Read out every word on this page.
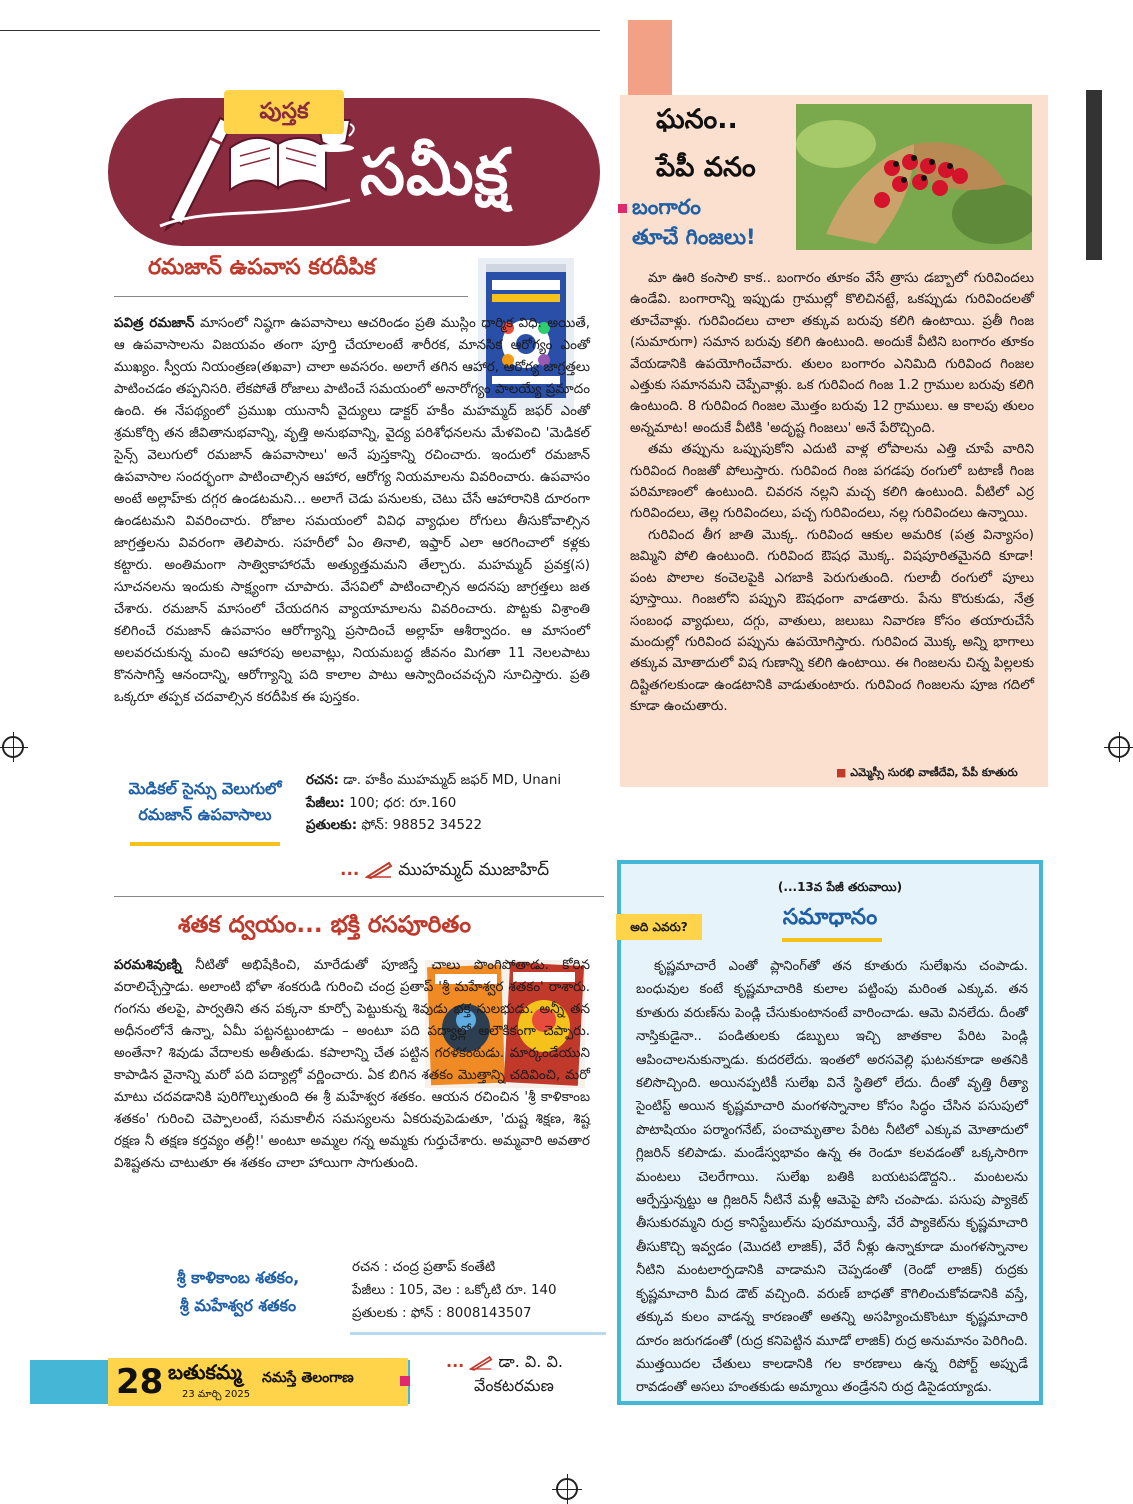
పుస్తక
సమీక్ష
రమజాన్ ఉపవాస కరదీపిక

పవిత్ర రమజాన్ మాసంలో నిష్ఠగా ఉపవాసాలు ఆచరిండం ప్రతి ముస్లిం ధార్మిక విధి. అయితే, ఆ ఉపవాసాలను విజయవం తంగా పూర్తి చేయాలంటే శారీరక, మానసిక ఆరోగ్యం ఎంతో ముఖ్యం. స్వీయ నియంత్రణ(తఖవా) చాలా అవసరం. అలాగే తగిన ఆహార, ఆరోగ్య జాగ్రత్తలు పాటించడం తప్పనిసరి. లేకపోతే రోజాలు పాటించే సమయంలో అనారోగ్యం పాలయ్యే ప్రమాదం ఉంది. ఈ నేపథ్యంలో ప్రముఖ యునానీ వైద్యులు డాక్టర్ హకీం మహమ్మద్ జఫర్ ఎంతో శ్రమకోర్చి తన జీవితానుభవాన్ని, వృత్తి అనుభవాన్ని, వైద్య పరిశోధనలను మేళవించి 'మెడికల్ సైన్స్ వెలుగులో రమజాన్ ఉపవాసాలు' అనే పుస్తకాన్ని రచించారు. ఇందులో రమజాన్ ఉపవాసాల సందర్భంగా పాటించాల్సిన ఆహార, ఆరోగ్య నియమాలను వివరించారు. ఉపవాసం అంటే అల్లాహ్‌కు దగ్గర ఉండటమని... అలాగే చెడు పనులకు, చెటు చేసే ఆహారానికి దూరంగా ఉండటమని వివరించారు. రోజాల సమయంలో వివిధ వ్యాధుల రోగులు తీసుకోవాల్సిన జాగ్రత్తలను వివరంగా తెలిపారు. సహరీలో ఏం తినాలి, ఇఫ్తార్ ఎలా ఆరగించాలో కళ్లకు కట్టారు. అంతిమంగా సాత్వికాహారమే అత్యుత్తమమని తేల్చారు. మహమ్మద్ ప్రవక్త(స) సూచనలను ఇందుకు సాక్ష్యంగా చూపారు. వేసవిలో పాటించాల్సిన అదనపు జాగ్రత్తలు జత చేశారు. రమజాన్ మాసంలో చేయదగిన వ్యాయామాలను వివరించారు. పొట్టకు విశ్రాంతి కలిగించే రమజాన్ ఉపవాసం ఆరోగ్యాన్ని ప్రసాదించే అల్లాహ్ ఆశీర్వాదం. ఆ మాసంలో అలవరచుకున్న మంచి ఆహారపు అలవాట్లు, నియమబద్ధ జీవనం మిగతా 11 నెలలపాటు కొనసాగిస్తే ఆనందాన్ని, ఆరోగ్యాన్ని పది కాలాల పాటు ఆస్వాదించవచ్చని సూచిస్తారు. ప్రతి ఒక్కరూ తప్పక చదవాల్సిన కరదీపిక ఈ పుస్తకం.

మెడికల్ సైన్సు వెలుగులో
రమజాన్ ఉపవాసాలు
రచన: డా. హకీం ముహమ్మద్ జఫర్ MD, Unani
పేజీలు: 100; ధర: రూ.160
ప్రతులకు: ఫోన్: 98852 34522
... ముహమ్మద్ ముజాహిద్
శతక ద్వయం... భక్తి రసపూరితం

పరమశివుణ్ని నీటితో అభిషేకించి, మారేడుతో పూజిస్తే చాలు పొంగిపోతాడు. కోరిన వరాలిచ్చేస్తాడు. అలాంటి భోళా శంకరుడి గురించి చంద్ర ప్రతాప్ 'శ్రీ మహేశ్వర శతకం' రాశారు. గంగను తలపై, పార్వతిని తన పక్కనా కూర్చో పెట్టుకున్న శివుడు భక్త సులభుడు. అన్నీ తన అధీనంలోనే ఉన్నా, ఏమీ పట్టనట్టుంటాడు – అంటూ పది పద్యాల్లో అలౌకికంగా చెప్పారు. అంతేనా? శివుడు వేదాలకు అతీతుడు. కపాలాన్ని చేత పట్టిన గరళకంఠుడు. మార్కండేయుని కాపాడిన వైనాన్ని మరో పది పద్యాల్లో వర్ణించారు. ఏక బిగిన శతకం మొత్తాన్ని చదివించి, మరో మాటు చదవడానికి పురిగొల్పుతుంది ఈ శ్రీ మహేశ్వర శతకం. ఆయన రచించిన 'శ్రీ కాళికాంబ శతకం' గురించి చెప్పాలంటే, సమకాలీన సమస్యలను ఏకరువుపెడుతూ, 'దుష్ట శిక్షణ, శిష్ట రక్షణ నీ తక్షణ కర్తవ్యం తల్లీ!' అంటూ అమ్మల గన్న అమ్మకు గుర్తుచేశారు. అమ్మవారి అవతార విశిష్టతను చాటుతూ ఈ శతకం చాలా హాయిగా సాగుతుంది.

శ్రీ కాళికాంబ శతకం,
శ్రీ మహేశ్వర శతకం
రచన : చంద్ర ప్రతాప్ కంతేటి
పేజీలు : 105, వెల : ఒక్కోటి రూ. 140
ప్రతులకు : ఫోన్ : 8008143507
... డా. వి. వి.
వేంకటరమణ
28 బతుకమ్మ
23 మార్చి 2025
నమస్తే తెలంగాణ
ఘనం..
పేపీ వనం
బంగారం
తూచే గింజలు!

మా ఊరి కంసాలి కాక.. బంగారం తూకం వేసే త్రాసు డబ్బాలో గురివిందలు ఉండేవి. బంగారాన్ని ఇప్పుడు గ్రాముల్లో కొలిచినట్టే, ఒకప్పుడు గురివిందలతో తూచేవాళ్లు. గురివిందలు చాలా తక్కువ బరువు కలిగి ఉంటాయి. ప్రతీ గింజ (సుమారుగా) సమాన బరువు కలిగి ఉంటుంది. అందుకే వీటిని బంగారం తూకం వేయడానికి ఉపయోగించేవారు. తులం బంగారం ఎనిమిది గురివింద గింజల ఎత్తుకు సమానమని చెప్పేవాళ్లు. ఒక గురివింద గింజ 1.2 గ్రాముల బరువు కలిగి ఉంటుంది. 8 గురివింద గింజల మొత్తం బరువు 12 గ్రాములు. ఆ కాలపు తులం అన్నమాట! అందుకే వీటికి 'అదృష్ట గింజలు' అనే పేరొచ్చింది.

తమ తప్పును ఒప్పుపుకోని ఎదుటి వాళ్ల లోపాలను ఎత్తి చూపే వారిని గురివింద గింజతో పోలుస్తారు. గురివింద గింజ పగడపు రంగులో బటాణీ గింజ పరిమాణంలో ఉంటుంది. చివరన నల్లని మచ్చ కలిగి ఉంటుంది. వీటిలో ఎర్ర గురివిందలు, తెల్ల గురివిందలు, పచ్చ గురివిందలు, నల్ల గురివిందలు ఉన్నాయి.

గురివింద తీగ జాతి మొక్క. గురివింద ఆకుల అమరిక (పత్ర విన్యాసం) జమ్మిని పోలి ఉంటుంది. గురివింద ఔషధ మొక్క. విషపూరితమైనది కూడా! పంట పొలాల కంచెలపైకి ఎగబాకి పెరుగుతుంది. గులాబీ రంగులో పూలు పూస్తాయి. గింజలోని పప్పుని ఔషధంగా వాడతారు. పేను కొరుకుడు, నేత్ర సంబంధ వ్యాధులు, దగ్గు, వాతులు, జలుబు నివారణ కోసం తయారుచేసే మందుల్లో గురివింద పప్పును ఉపయోగిస్తారు. గురివింద మొక్క అన్ని భాగాలు తక్కువ మోతాదులో విష గుణాన్ని కలిగి ఉంటాయి. ఈ గింజలను చిన్న పిల్లలకు దిష్టితగలకుండా ఉండటానికి వాడుతుంటారు. గురివింద గింజలను పూజ గదిలో కూడా ఉంచుతారు.

■ ఎమ్మెస్సీ సురభి వాణీదేవి, పేపీ కూతురు
(...13వ పేజీ తరువాయి)
అది ఎవరు?	సమాధానం

కృష్ణమాచారే ఎంతో ప్లానింగ్‌తో తన కూతురు సులేఖను చంపాడు. బంధువుల కంటే కృష్ణమాచారికి కులాల పట్టింపు మరింత ఎక్కువ. తన కూతురు వరుణ్‌ను పెండ్లి చేసుకుంటానంటే వారించాడు. ఆమె వినలేదు. దీంతో నాస్తికుడైనా.. పండితులకు డబ్బులు ఇచ్చి జాతకాల పేరిట పెండ్లి ఆపించాలనుకున్నాడు. కుదరలేదు. ఇంతలో అరసవెల్లి ఘటనకూడా అతనికి కలిసొచ్చింది. అయినప్పటికీ సులేఖ వినే స్థితిలో లేదు. దీంతో వృత్తి రీత్యా సైంటిస్ట్ అయిన కృష్ణమాచారి మంగళస్నానాల కోసం సిద్ధం చేసిన పసుపులో పొటాషియం పర్మాంగనేట్, పంచామృతాల పేరిట నీటిలో ఎక్కువ మోతాదులో గ్లిజరిన్ కలిపాడు. మండేస్వభావం ఉన్న ఈ రెండూ కలవడంతో ఒక్కసారిగా మంటలు చెలరేగాయి. సులేఖ బతికి బయటపడొద్దని.. మంటలను ఆర్పేస్తున్నట్టు ఆ గ్లిజరిన్ నీటినే మళ్లీ ఆమెపై పోసి చంపాడు. పసుపు ప్యాకెట్ తీసుకురమ్మని రుద్ర కానిస్టేబుల్‌ను పురమాయిస్తే, వేరే ప్యాకెట్‌ను కృష్ణమాచారి తీసుకొచ్చి ఇవ్వడం (మొదటి లాజిక్), వేరే నీళ్లు ఉన్నాకూడా మంగళస్నానాల నీటిని మంటలార్పడానికి వాడామని చెప్పడంతో (రెండో లాజిక్) రుద్రకు కృష్ణమాచారి మీద డౌట్ వచ్చింది. వరుణ్ బాధతో కౌగిలించుకోవడానికి వస్తే, తక్కువ కులం వాడన్న కారణంతో అతన్ని అసహ్యించుకొంటూ కృష్ణమాచారి దూరం జరుగడంతో (రుద్ర కనిపెట్టిన మూడో లాజిక్) రుద్ర అనుమానం పెరిగింది. ముత్తయిదల చేతులు కాలడానికి గల కారణాలు ఉన్న రిపోర్ట్ అప్పుడే రావడంతో అసలు హంతకుడు అమ్మాయి తండ్రేనని రుద్ర డిసైడయ్యాడు.
